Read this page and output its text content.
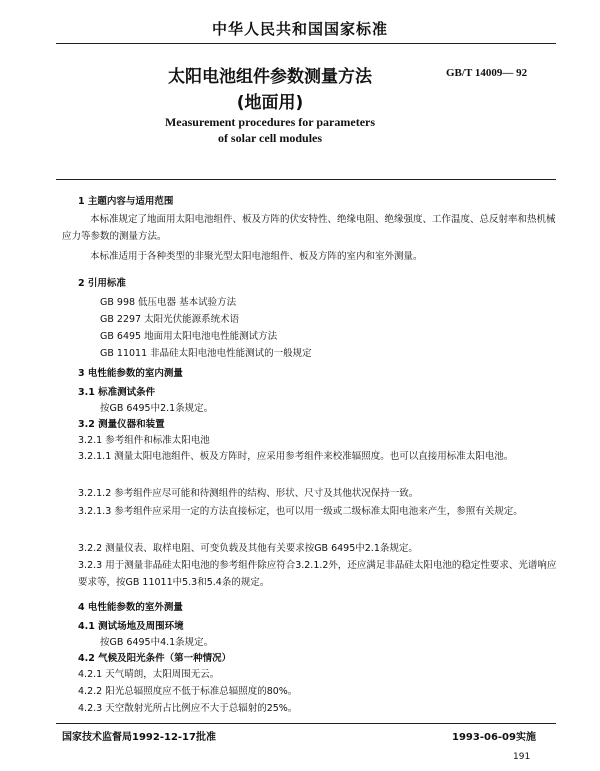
中华人民共和国国家标准
太阳电池组件参数测量方法
(地面用)
GB/T 14009— 92
Measurement procedures for parameters
of solar cell modules
1 主题内容与适用范围
本标准规定了地面用太阳电池组件、板及方阵的伏安特性、绝缘电阻、绝缘强度、工作温度、总反射率和热机械应力等参数的测量方法。
本标准适用于各种类型的非聚光型太阳电池组件、板及方阵的室内和室外测量。
2 引用标准
GB 998 低压电器 基本试验方法
GB 2297 太阳光伏能源系统术语
GB 6495 地面用太阳电池电性能测试方法
GB 11011 非晶硅太阳电池电性能测试的一般规定
3 电性能参数的室内测量
3.1 标准测试条件
按GB 6495中2.1条规定。
3.2 测量仪器和装置
3.2.1 参考组件和标准太阳电池
3.2.1.1 测量太阳电池组件、板及方阵时，应采用参考组件来校准辐照度。也可以直接用标准太阳电池。
3.2.1.2 参考组件应尽可能和待测组件的结构、形状、尺寸及其他状况保持一致。
3.2.1.3 参考组件应采用一定的方法直接标定，也可以用一级或二级标准太阳电池来产生，参照有关规定。
3.2.2 测量仪表、取样电阻、可变负载及其他有关要求按GB 6495中2.1条规定。
3.2.3 用于测量非晶硅太阳电池的参考组件除应符合3.2.1.2外，还应满足非晶硅太阳电池的稳定性要求、光谱响应要求等，按GB 11011中5.3和5.4条的规定。
4 电性能参数的室外测量
4.1 测试场地及周围环境
按GB 6495中4.1条规定。
4.2 气候及阳光条件（第一种情况）
4.2.1 天气晴朗，太阳周围无云。
4.2.2 阳光总辐照度应不低于标准总辐照度的80%。
4.2.3 天空散射光所占比例应不大于总辐射的25%。
国家技术监督局1992-12-17批准	1993-06-09实施
191
